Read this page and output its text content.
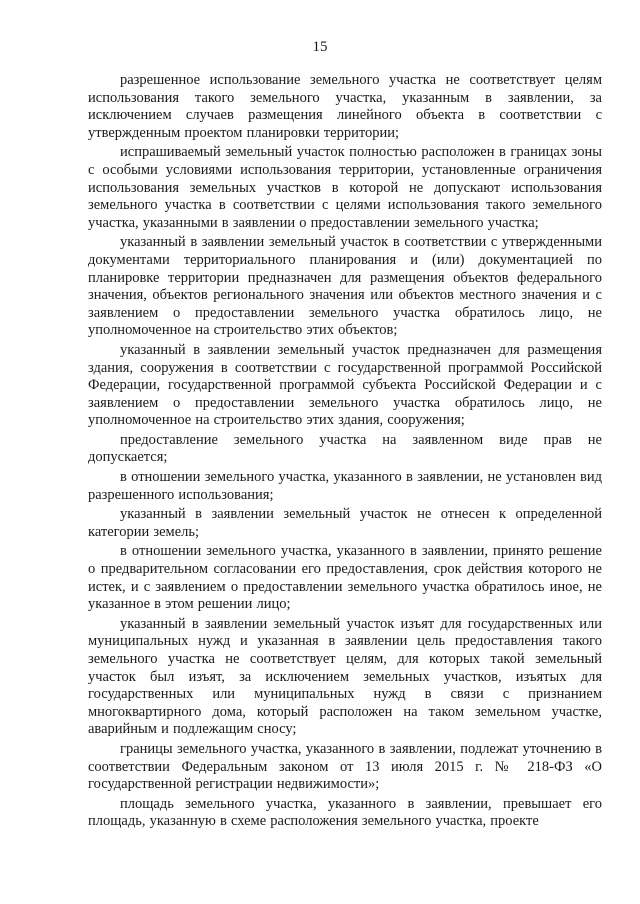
15

разрешенное использование земельного участка не соответствует целям использования такого земельного участка, указанным в заявлении, за исключением случаев размещения линейного объекта в соответствии с утвержденным проектом планировки территории;

испрашиваемый земельный участок полностью расположен в границах зоны с особыми условиями использования территории, установленные ограничения использования земельных участков в которой не допускают использования земельного участка в соответствии с целями использования такого земельного участка, указанными в заявлении о предоставлении земельного участка;

указанный в заявлении земельный участок в соответствии с утвержденными документами территориального планирования и (или) документацией по планировке территории предназначен для размещения объектов федерального значения, объектов регионального значения или объектов местного значения и с заявлением о предоставлении земельного участка обратилось лицо, не уполномоченное на строительство этих объектов;

указанный в заявлении земельный участок предназначен для размещения здания, сооружения в соответствии с государственной программой Российской Федерации, государственной программой субъекта Российской Федерации и с заявлением о предоставлении земельного участка обратилось лицо, не уполномоченное на строительство этих здания, сооружения;

предоставление земельного участка на заявленном виде прав не допускается;

в отношении земельного участка, указанного в заявлении, не установлен вид разрешенного использования;

указанный в заявлении земельный участок не отнесен к определенной категории земель;

в отношении земельного участка, указанного в заявлении, принято решение о предварительном согласовании его предоставления, срок действия которого не истек, и с заявлением о предоставлении земельного участка обратилось иное, не указанное в этом решении лицо;

указанный в заявлении земельный участок изъят для государственных или муниципальных нужд и указанная в заявлении цель предоставления такого земельного участка не соответствует целям, для которых такой земельный участок был изъят, за исключением земельных участков, изъятых для государственных или муниципальных нужд в связи с признанием многоквартирного дома, который расположен на таком земельном участке, аварийным и подлежащим сносу;

границы земельного участка, указанного в заявлении, подлежат уточнению в соответствии Федеральным законом от 13 июля 2015 г. № 218-ФЗ «О государственной регистрации недвижимости»;

площадь земельного участка, указанного в заявлении, превышает его площадь, указанную в схеме расположения земельного участка, проекте
